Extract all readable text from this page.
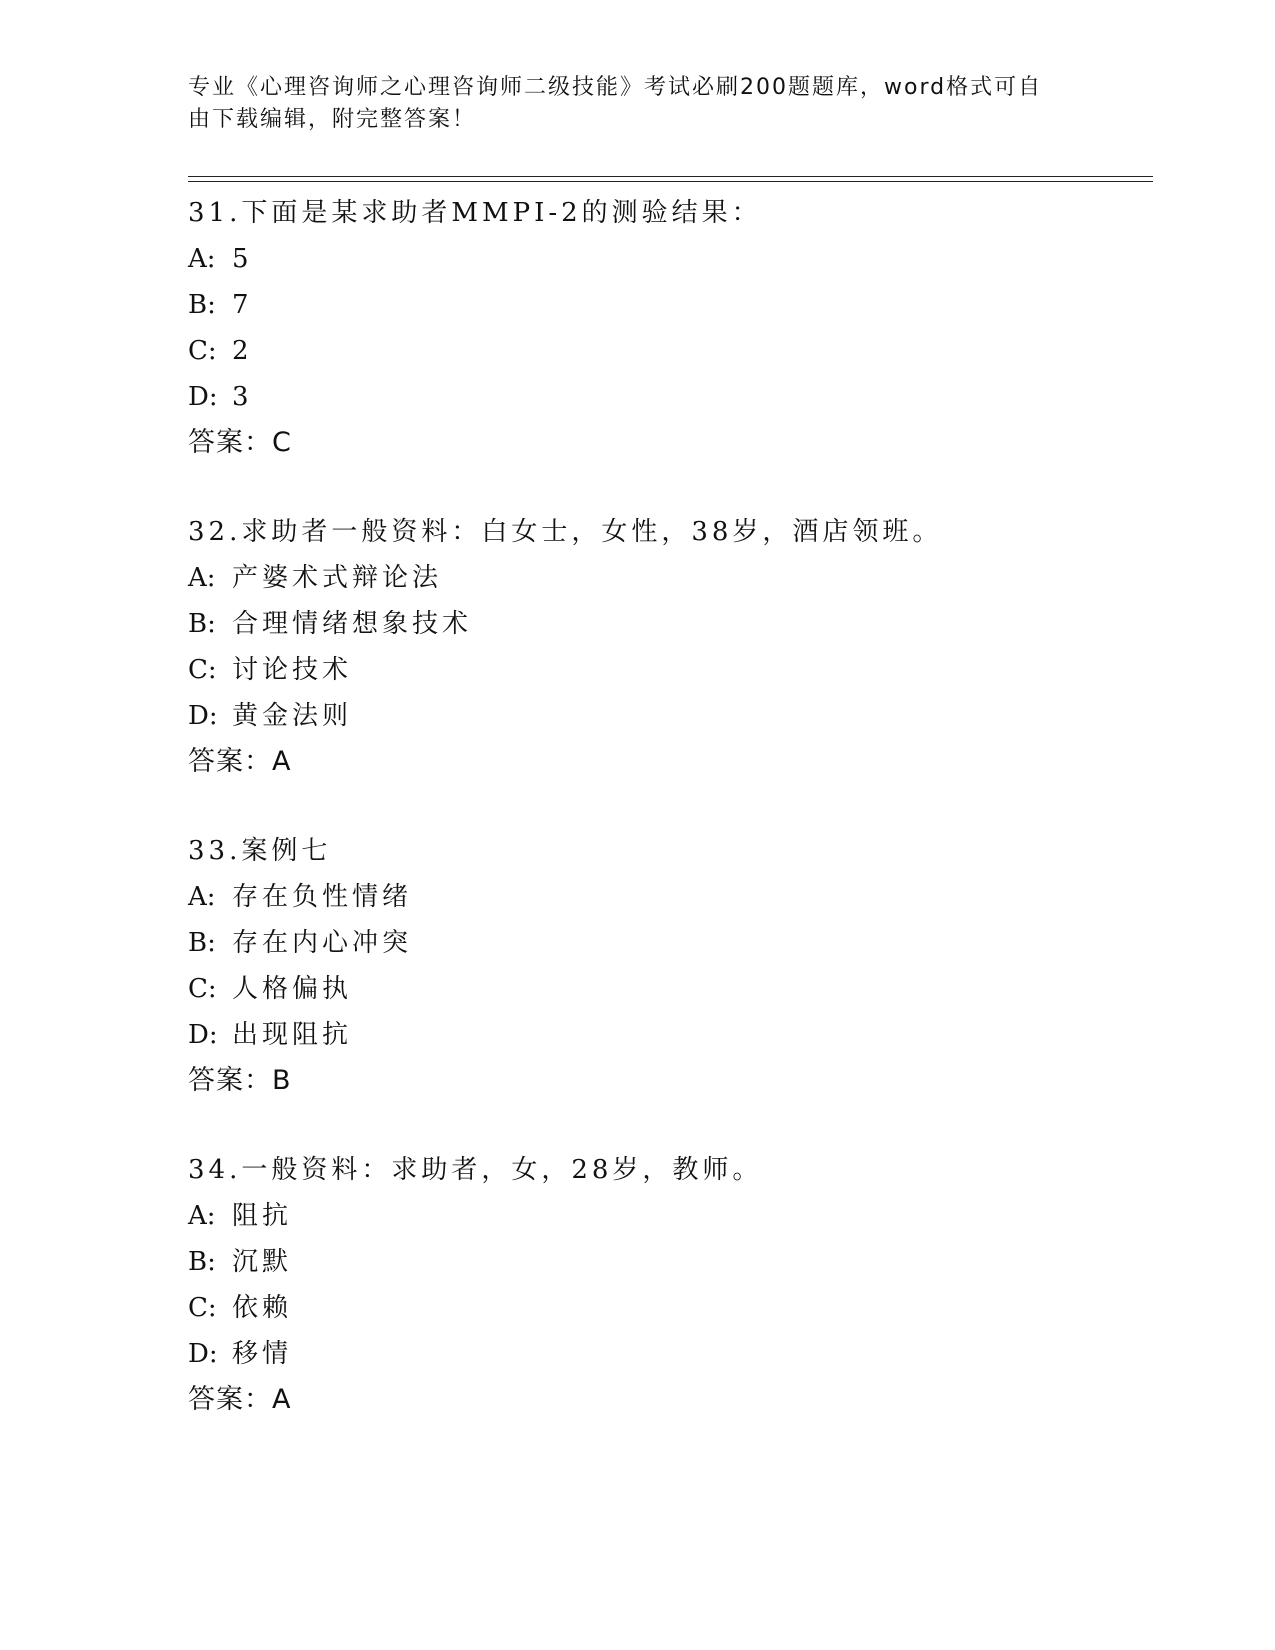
专业《心理咨询师之心理咨询师二级技能》考试必刷200题题库，word格式可自
由下载编辑，附完整答案！
31.下面是某求助者MMPI-2的测验结果：
A: 5
B: 7
C: 2
D: 3
答案：C
32.求助者一般资料：白女士，女性，38岁，酒店领班。
A: 产婆术式辩论法
B: 合理情绪想象技术
C: 讨论技术
D: 黄金法则
答案：A
33.案例七
A: 存在负性情绪
B: 存在内心冲突
C: 人格偏执
D: 出现阻抗
答案：B
34.一般资料：求助者，女，28岁，教师。
A: 阻抗
B: 沉默
C: 依赖
D: 移情
答案：A
